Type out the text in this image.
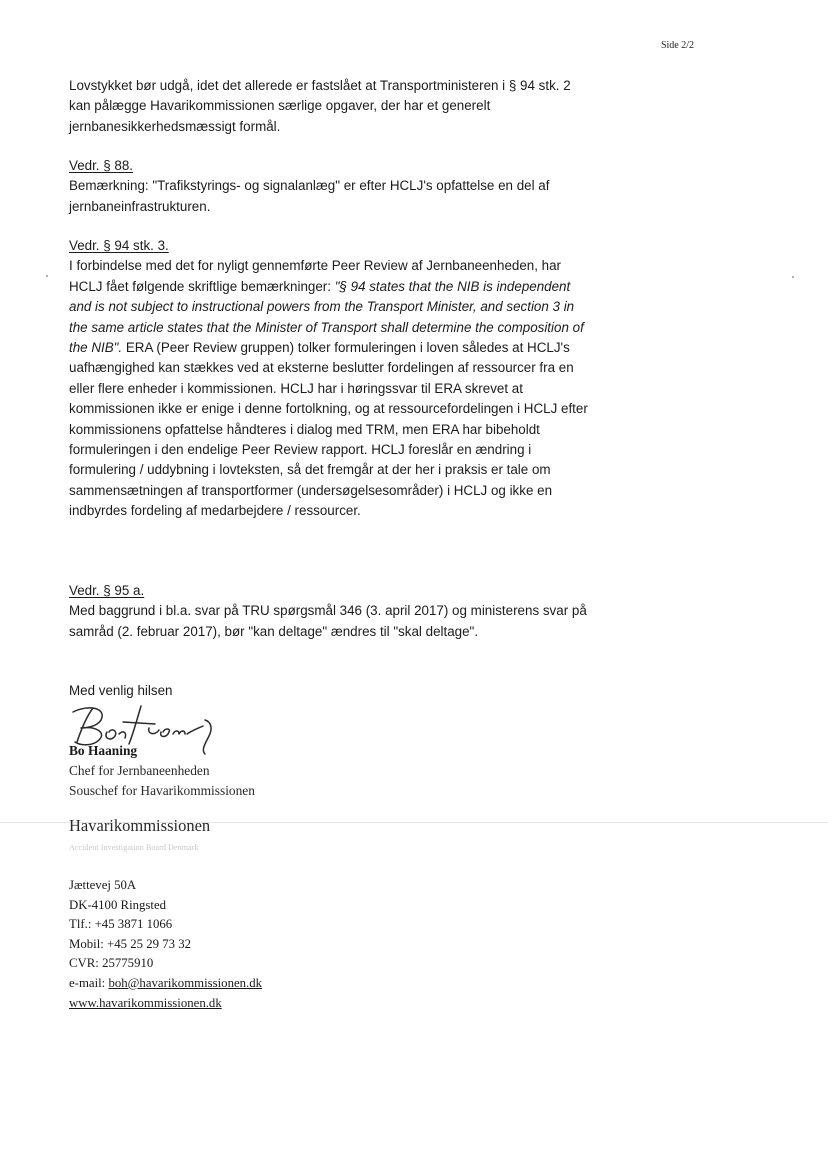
Side 2/2

Lovstykket bør udgå, idet det allerede er fastslået at Transportministeren i § 94 stk. 2 kan pålægge Havarikommissionen særlige opgaver, der har et generelt jernbanesikkerhedsmæssigt formål.

Vedr. § 88.

Bemærkning: "Trafikstyrings- og signalanlæg" er efter HCLJ's opfattelse en del af jernbaneinfrastrukturen.

Vedr. § 94 stk. 3.

I forbindelse med det for nyligt gennemførte Peer Review af Jernbaneenheden, har HCLJ fået følgende skriftlige bemærkninger: "§ 94 states that the NIB is independent and is not subject to instructional powers from the Transport Minister, and section 3 in the same article states that the Minister of Transport shall determine the composition of the NIB". ERA (Peer Review gruppen) tolker formuleringen i loven således at HCLJ's uafhængighed kan stækkes ved at eksterne beslutter fordelingen af ressourcer fra en eller flere enheder i kommissionen. HCLJ har i høringssvar til ERA skrevet at kommissionen ikke er enige i denne fortolkning, og at ressourcefordelingen i HCLJ efter kommissionens opfattelse håndteres i dialog med TRM, men ERA har bibeholdt formuleringen i den endelige Peer Review rapport. HCLJ foreslår en ændring i formulering / uddybning i lovteksten, så det fremgår at der her i praksis er tale om sammensætningen af transportformer (undersøgelsesområder) i HCLJ og ikke en indbyrdes fordeling af medarbejdere / ressourcer.

Vedr. § 95 a.

Med baggrund i bl.a. svar på TRU spørgsmål 346 (3. april 2017) og ministerens svar på samråd (2. februar 2017), bør "kan deltage" ændres til "skal deltage".

Med venlig hilsen
Bo Haaning
Chef for Jernbaneenheden
Souschef for Havarikommissionen
Havarikommissionen
Accident Investigation Board Denmark
Jættevej 50A
DK-4100 Ringsted
Tlf.: +45 3871 1066
Mobil: +45 25 29 73 32
CVR: 25775910
e-mail: boh@havarikommissionen.dk
www.havarikommissionen.dk
